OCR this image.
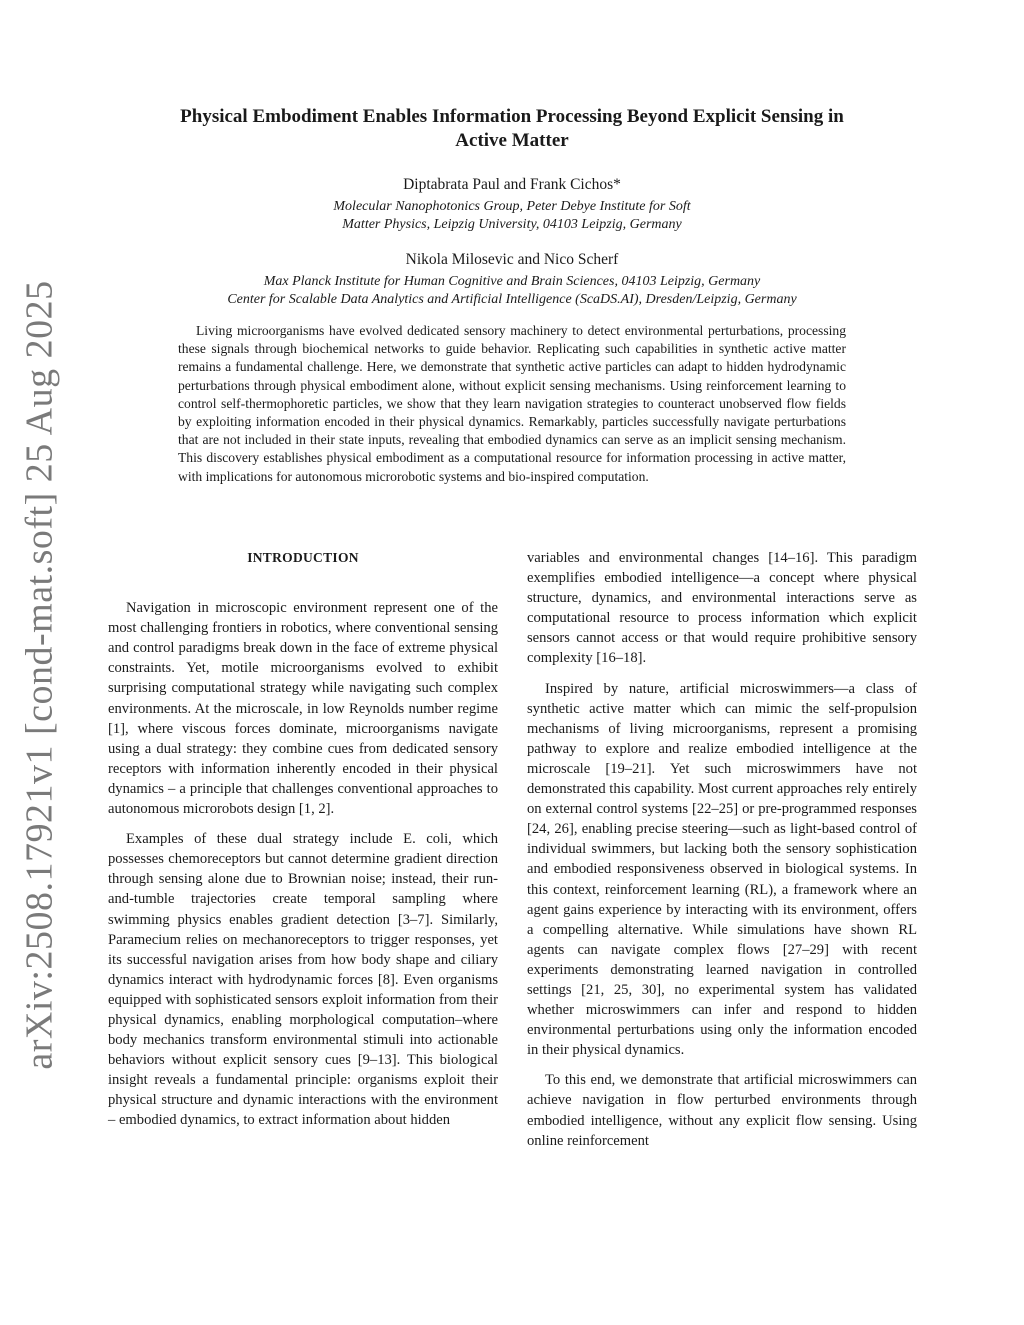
arXiv:2508.17921v1 [cond-mat.soft] 25 Aug 2025
Physical Embodiment Enables Information Processing Beyond Explicit Sensing in
Active Matter
Diptabrata Paul and Frank Cichos*
Molecular Nanophotonics Group, Peter Debye Institute for Soft
Matter Physics, Leipzig University, 04103 Leipzig, Germany
Nikola Milosevic and Nico Scherf
Max Planck Institute for Human Cognitive and Brain Sciences, 04103 Leipzig, Germany
Center for Scalable Data Analytics and Artificial Intelligence (ScaDS.AI), Dresden/Leipzig, Germany
Living microorganisms have evolved dedicated sensory machinery to detect environmental perturbations, processing these signals through biochemical networks to guide behavior. Replicating such capabilities in synthetic active matter remains a fundamental challenge. Here, we demonstrate that synthetic active particles can adapt to hidden hydrodynamic perturbations through physical embodiment alone, without explicit sensing mechanisms. Using reinforcement learning to control self-thermophoretic particles, we show that they learn navigation strategies to counteract unobserved flow fields by exploiting information encoded in their physical dynamics. Remarkably, particles successfully navigate perturbations that are not included in their state inputs, revealing that embodied dynamics can serve as an implicit sensing mechanism. This discovery establishes physical embodiment as a computational resource for information processing in active matter, with implications for autonomous microrobotic systems and bio-inspired computation.
INTRODUCTION

Navigation in microscopic environment represent one of the most challenging frontiers in robotics, where conventional sensing and control paradigms break down in the face of extreme physical constraints. Yet, motile microorganisms evolved to exhibit surprising computational strategy while navigating such complex environments. At the microscale, in low Reynolds number regime [1], where viscous forces dominate, microorganisms navigate using a dual strategy: they combine cues from dedicated sensory receptors with information inherently encoded in their physical dynamics – a principle that challenges conventional approaches to autonomous microrobots design [1, 2].

Examples of these dual strategy include E. coli, which possesses chemoreceptors but cannot determine gradient direction through sensing alone due to Brownian noise; instead, their run-and-tumble trajectories create temporal sampling where swimming physics enables gradient detection [3–7]. Similarly, Paramecium relies on mechanoreceptors to trigger responses, yet its successful navigation arises from how body shape and ciliary dynamics interact with hydrodynamic forces [8]. Even organisms equipped with sophisticated sensors exploit information from their physical dynamics, enabling morphological computation–where body mechanics transform environmental stimuli into actionable behaviors without explicit sensory cues [9–13]. This biological insight reveals a fundamental principle: organisms exploit their physical structure and dynamic interactions with the environment – embodied dynamics, to extract information about hidden

variables and environmental changes [14–16]. This paradigm exemplifies embodied intelligence—a concept where physical structure, dynamics, and environmental interactions serve as computational resource to process information which explicit sensors cannot access or that would require prohibitive sensory complexity [16–18].

Inspired by nature, artificial microswimmers—a class of synthetic active matter which can mimic the self-propulsion mechanisms of living microorganisms, represent a promising pathway to explore and realize embodied intelligence at the microscale [19–21]. Yet such microswimmers have not demonstrated this capability. Most current approaches rely entirely on external control systems [22–25] or pre-programmed responses [24, 26], enabling precise steering—such as light-based control of individual swimmers, but lacking both the sensory sophistication and embodied responsiveness observed in biological systems. In this context, reinforcement learning (RL), a framework where an agent gains experience by interacting with its environment, offers a compelling alternative. While simulations have shown RL agents can navigate complex flows [27–29] with recent experiments demonstrating learned navigation in controlled settings [21, 25, 30], no experimental system has validated whether microswimmers can infer and respond to hidden environmental perturbations using only the information encoded in their physical dynamics.

To this end, we demonstrate that artificial microswimmers can achieve navigation in flow perturbed environments through embodied intelligence, without any explicit flow sensing. Using online reinforcement
